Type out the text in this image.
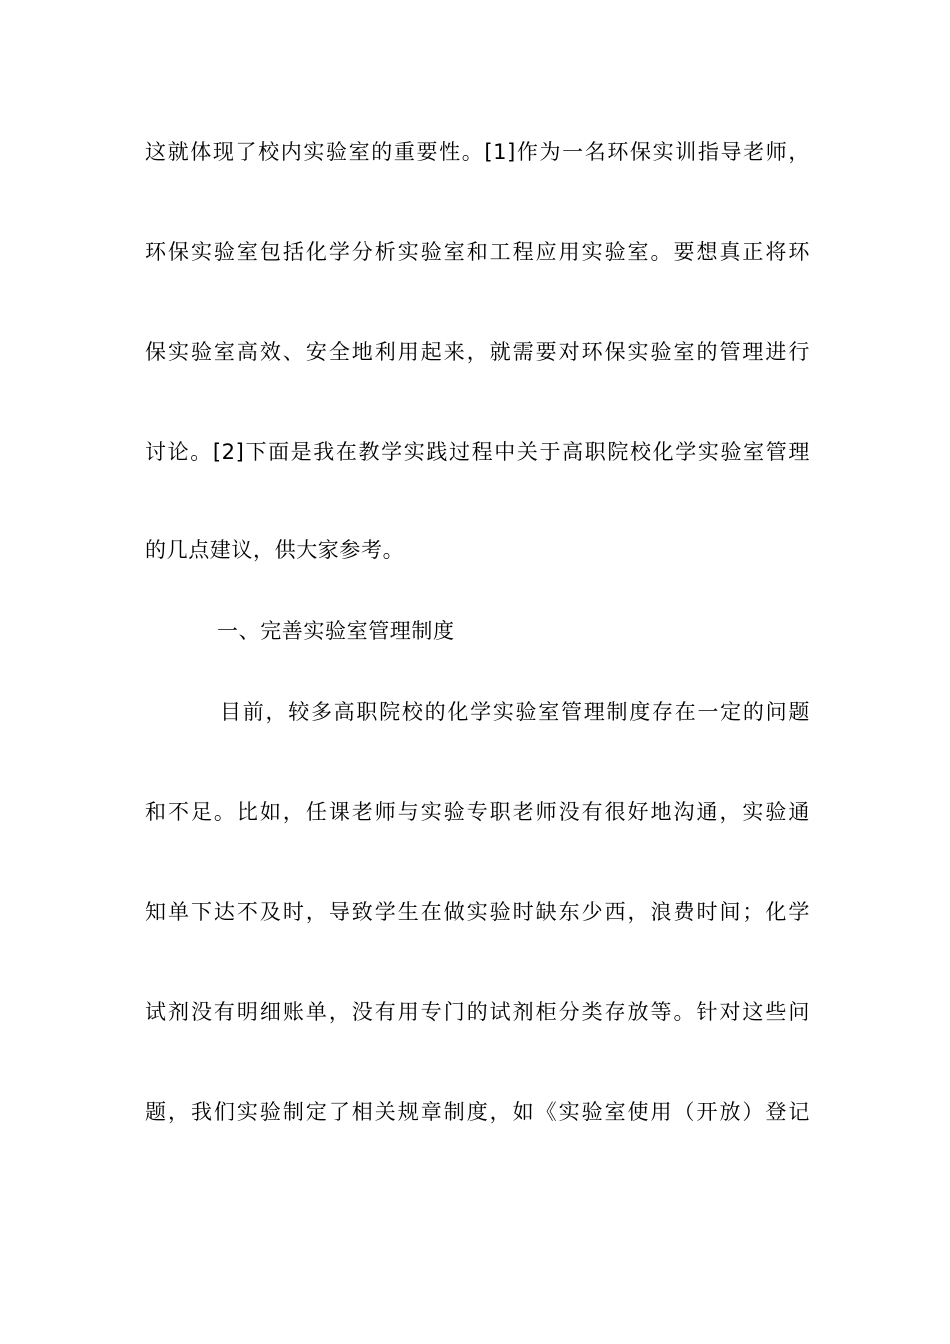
这就体现了校内实验室的重要性。[1]作为一名环保实训指导老师，
环保实验室包括化学分析实验室和工程应用实验室。要想真正将环
保实验室高效、安全地利用起来，就需要对环保实验室的管理进行
讨论。[2]下面是我在教学实践过程中关于高职院校化学实验室管理
的几点建议，供大家参考。
一、完善实验室管理制度
目前，较多高职院校的化学实验室管理制度存在一定的问题
和不足。比如，任课老师与实验专职老师没有很好地沟通，实验通
知单下达不及时，导致学生在做实验时缺东少西，浪费时间；化学
试剂没有明细账单，没有用专门的试剂柜分类存放等。针对这些问
题，我们实验制定了相关规章制度，如《实验室使用（开放）登记
